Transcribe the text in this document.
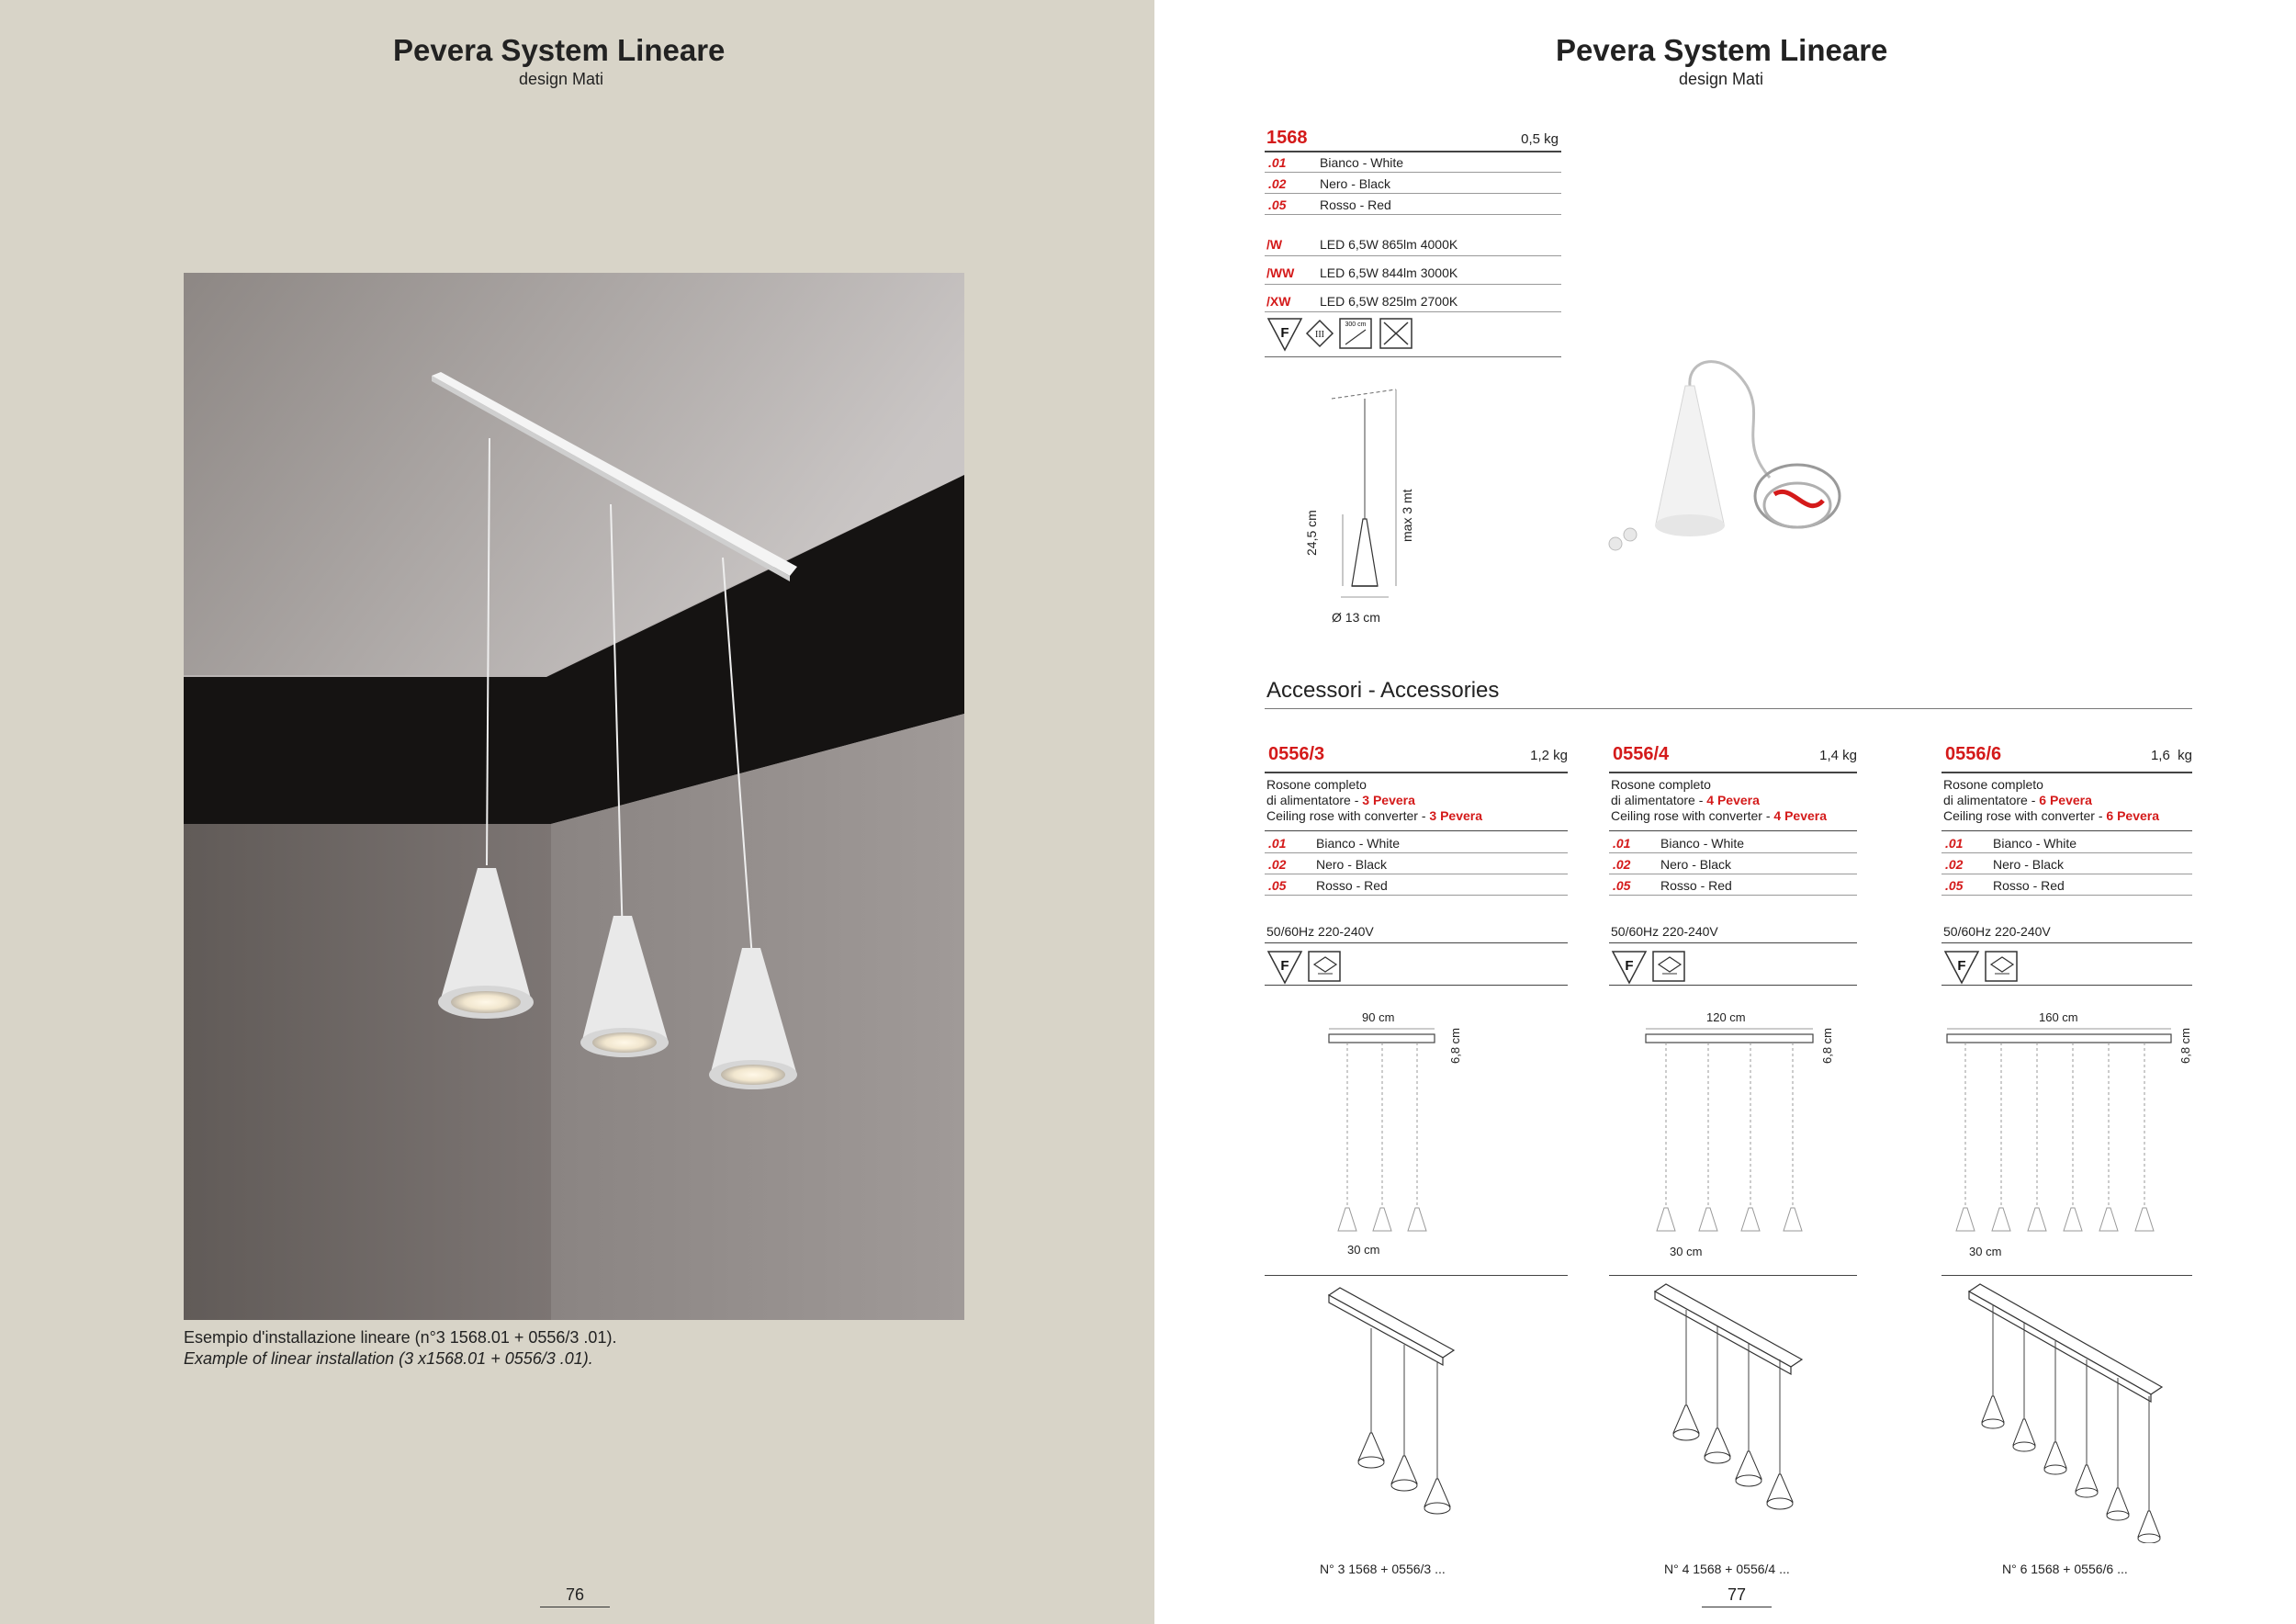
Pevera System Lineare
design Mati
Esempio d'installazione lineare (n°3 1568.01 + 0556/3 .01).
Example of linear installation (3 x1568.01 + 0556/3 .01).
76
Pevera System Lineare
design Mati
1568	0,5 kg
.01	Bianco - White
.02	Nero - Black
.05	Rosso - Red
/W	LED 6,5W 865lm 4000K
/WW LED 6,5W 844lm 3000K
/XW LED 6,5W 825lm 2700K
F	III
300 cm
24,5 cm	max 3 mt
Ø 13 cm
Accessori - Accessories
0556/3	1,2 kg
Rosone completo
di alimentatore - 3 Pevera
Ceiling rose with converter - 3 Pevera
.01 Bianco - White
.02 Nero - Black
.05 Rosso - Red
50/60Hz 220-240V
F
90 cm
6,8 cm
30 cm
N° 3 1568 + 0556/3 ...
0556/4	1,4 kg
Rosone completo
di alimentatore - 4 Pevera
Ceiling rose with converter - 4 Pevera
.01 Bianco - White
.02 Nero - Black
.05 Rosso - Red
50/60Hz 220-240V
F
120 cm
6,8 cm
30 cm
N° 4 1568 + 0556/4 ...
0556/6	1,6  kg
Rosone completo
di alimentatore - 6 Pevera
Ceiling rose with converter - 6 Pevera
.01 Bianco - White
.02 Nero - Black
.05 Rosso - Red
50/60Hz 220-240V
F
160 cm
6,8 cm
30 cm
N° 6 1568 + 0556/6 ...
77
